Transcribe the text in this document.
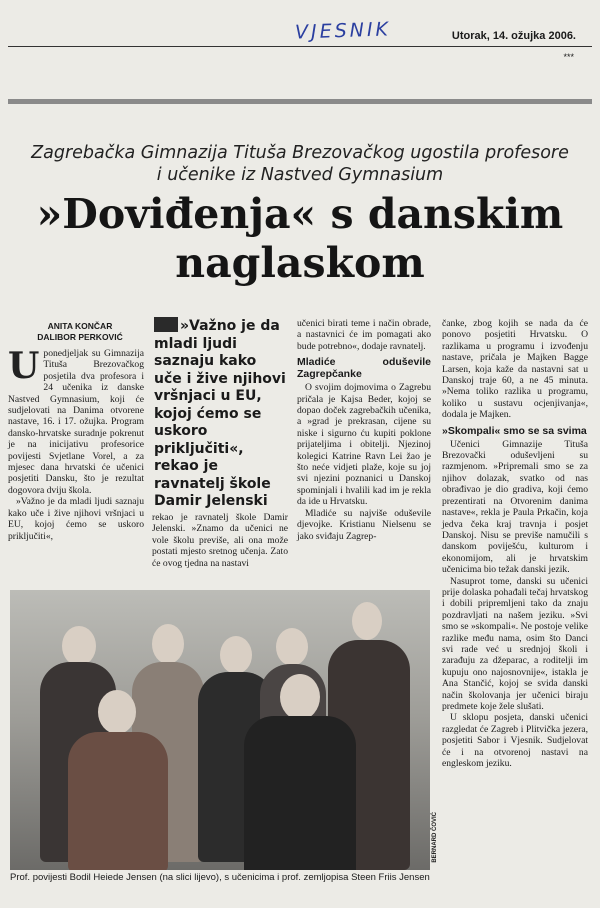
VJESNIK	Utorak, 14. ožujka 2006.
***
Zagrebačka Gimnazija Tituša Brezovačkog ugostila profesore i učenike iz Nastved Gymnasium
»Doviđenja« s danskim naglaskom
ANITA KONČAR
DALIBOR PERKOVIĆ

Uponedjeljak su Gimnazija Tituša Brezovačkog posjetila dva profesora i 24 učenika iz danske Nastved Gymnasium, koji će sudjelovati na Danima otvorene nastave, 16. i 17. ožujka. Program dansko-hrvatske suradnje pokrenut je na inicijativu profesorice povijesti Svjetlane Vorel, a za mjesec dana hrvatski će učenici posjetiti Dansku, što je rezultat dogovora dviju škola.

»Važno je da mladi ljudi saznaju kako uče i žive njihovi vršnjaci u EU, kojoj ćemo se uskoro priključiti«,

»Važno je da mladi ljudi saznaju kako uče i žive njihovi vršnjaci u EU, kojoj ćemo se uskoro priključiti«, rekao je ravnatelj škole Damir Jelenski

rekao je ravnatelj škole Damir Jelenski. »Znamo da učenici ne vole školu previše, ali ona može postati mjesto sretnog učenja. Zato će ovog tjedna na nastavi

učenici birati teme i način obrade, a nastavnici će im pomagati ako bude potrebno«, dodaje ravnatelj.

Mladiće oduševile Zagrepčanke

O svojim dojmovima o Zagrebu pričala je Kajsa Beder, kojoj se dopao doček zagrebačkih učenika, a »grad je prekrasan, cijene su niske i sigurno ću kupiti poklone prijateljima i obitelji. Njezinoj kolegici Katrine Ravn Lei žao je što neće vidjeti plaže, koje su joj svi njezini poznanici u Danskoj spominjali i hvalili kad im je rekla da ide u Hrvatsku.

Mladiće su najviše oduševile djevojke. Kristianu Nielsenu se jako sviđaju Zagrep-

čanke, zbog kojih se nada da će ponovo posjetiti Hrvatsku. O razlikama u programu i izvođenju nastave, pričala je Majken Bagge Larsen, koja kaže da nastavni sat u Danskoj traje 60, a ne 45 minuta. »Nema toliko razlika u programu, koliko u sustavu ocjenjivanja«, dodala je Majken.

»Skompali« smo se sa svima

Učenici Gimnazije Tituša Brezovački oduševljeni su razmjenom. »Pripremali smo se za njihov dolazak, svatko od nas obrađivao je dio gradiva, koji ćemo prezentirati na Otvorenim danima nastave«, rekla je Paula Prkačin, koja jedva čeka kraj travnja i posjet Danskoj. Nisu se previše namučili s danskom poviješću, kulturom i ekonomijom, ali je hrvatskim učenicima bio težak danski jezik.

Nasuprot tome, danski su učenici prije dolaska pohađali tečaj hrvatskog i dobili pripremljeni tako da znaju pozdravljati na našem jeziku. »Svi smo se »skompali«. Ne postoje velike razlike među nama, osim što Danci svi rade već u srednjoj školi i zarađuju za džeparac, a roditelji im kupuju ono najosnovnije«, istakla je Ana Stančić, kojoj se svida danski način školovanja jer učenici biraju predmete koje žele slušati.

U sklopu posjeta, danski učenici razgledat će Zagreb i Plitvička jezera, posjetiti Sabor i Vjesnik. Sudjelovat će i na otvorenoj nastavi na engleskom jeziku.

BERNARD ČOVIĆ
Prof. povijesti Bodil Heiede Jensen (na slici lijevo), s učenicima i prof. zemljopisa Steen Friis Jensen
